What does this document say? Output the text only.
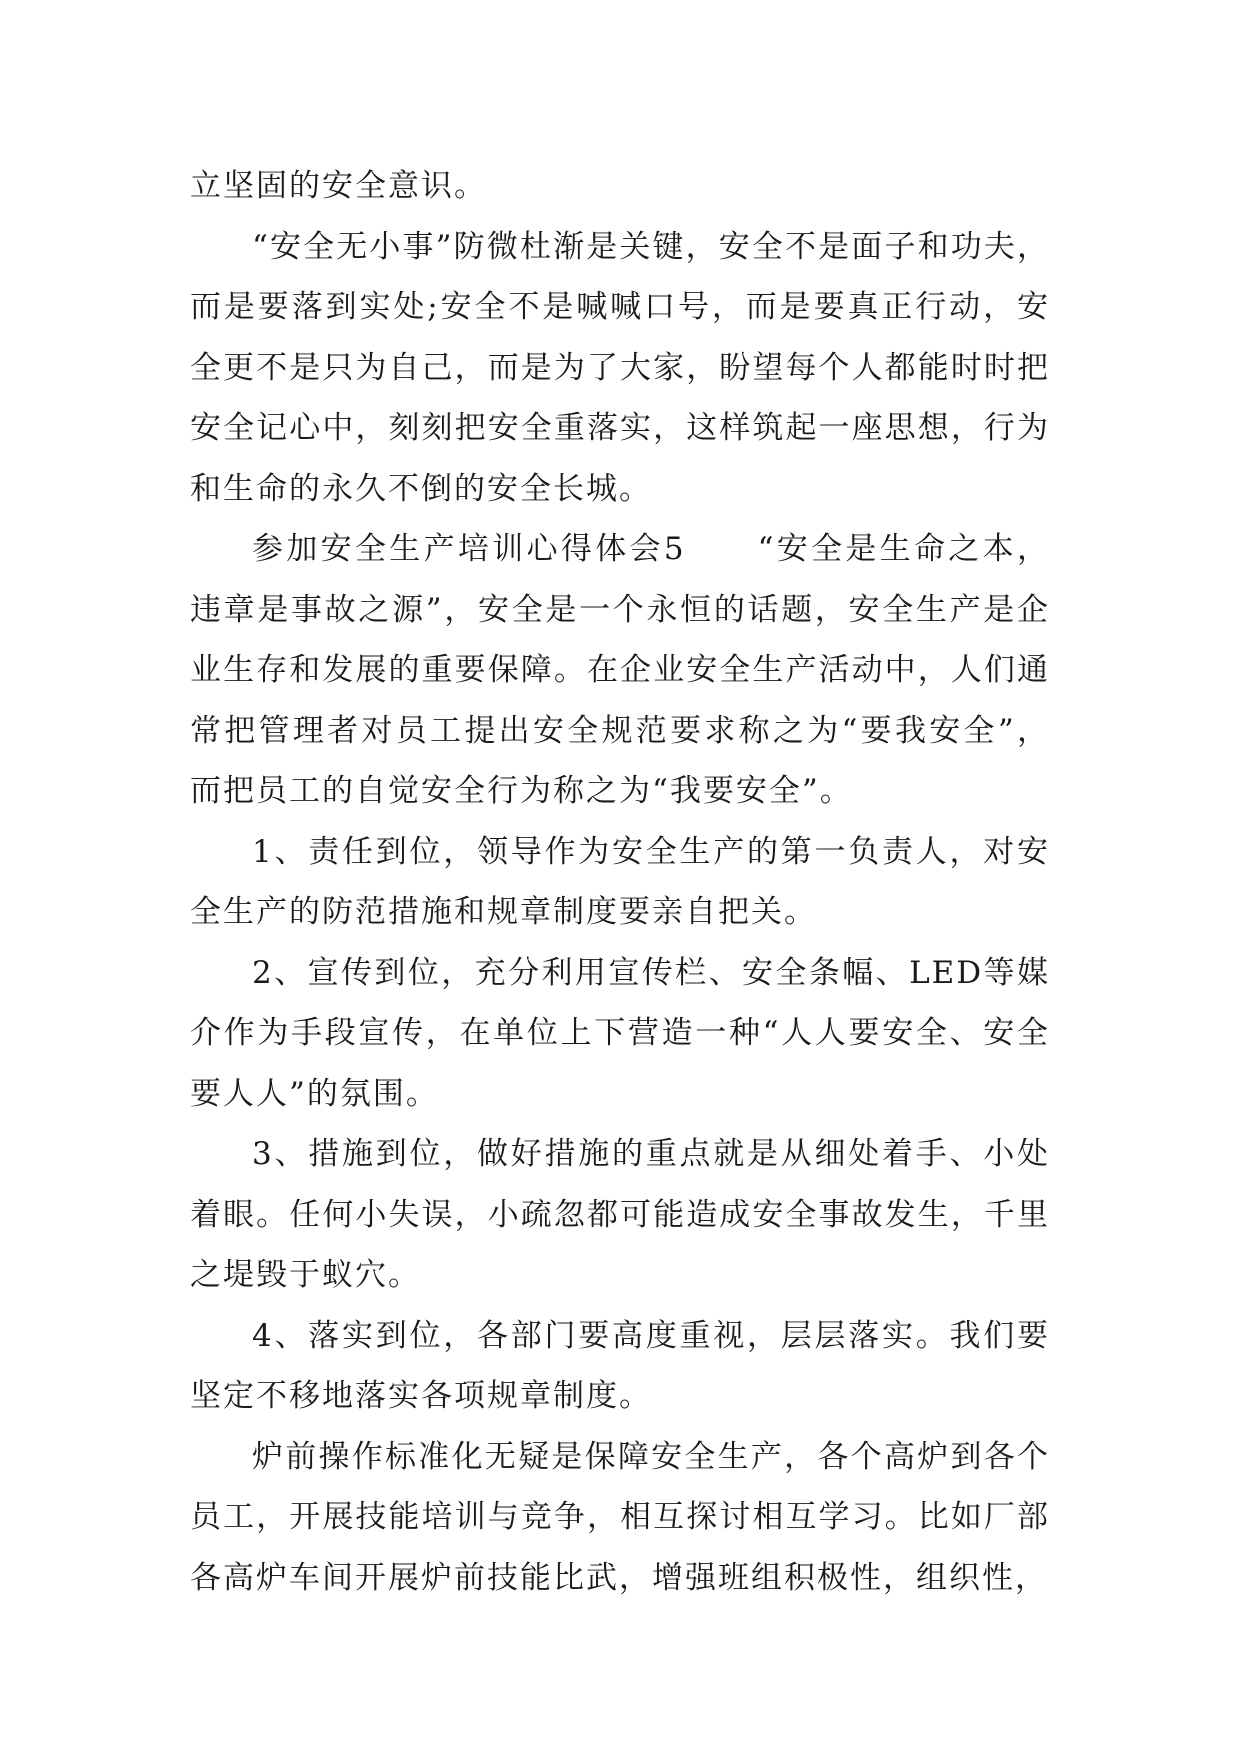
立坚固的安全意识。

“安全无小事”防微杜渐是关键，安全不是面子和功夫，而是要落到实处;安全不是喊喊口号，而是要真正行动，安全更不是只为自己，而是为了大家，盼望每个人都能时时把安全记心中，刻刻把安全重落实，这样筑起一座思想，行为和生命的永久不倒的安全长城。

参加安全生产培训心得体会5 “安全是生命之本，违章是事故之源”，安全是一个永恒的话题，安全生产是企业生存和发展的重要保障。在企业安全生产活动中，人们通常把管理者对员工提出安全规范要求称之为“要我安全”，而把员工的自觉安全行为称之为“我要安全”。

1、责任到位，领导作为安全生产的第一负责人，对安全生产的防范措施和规章制度要亲自把关。

2、宣传到位，充分利用宣传栏、安全条幅、LED等媒介作为手段宣传，在单位上下营造一种“人人要安全、安全要人人”的氛围。

3、措施到位，做好措施的重点就是从细处着手、小处着眼。任何小失误，小疏忽都可能造成安全事故发生，千里之堤毁于蚁穴。

4、落实到位，各部门要高度重视，层层落实。我们要坚定不移地落实各项规章制度。

炉前操作标准化无疑是保障安全生产，各个高炉到各个员工，开展技能培训与竞争，相互探讨相互学习。比如厂部各高炉车间开展炉前技能比武，增强班组积极性，组织性，
